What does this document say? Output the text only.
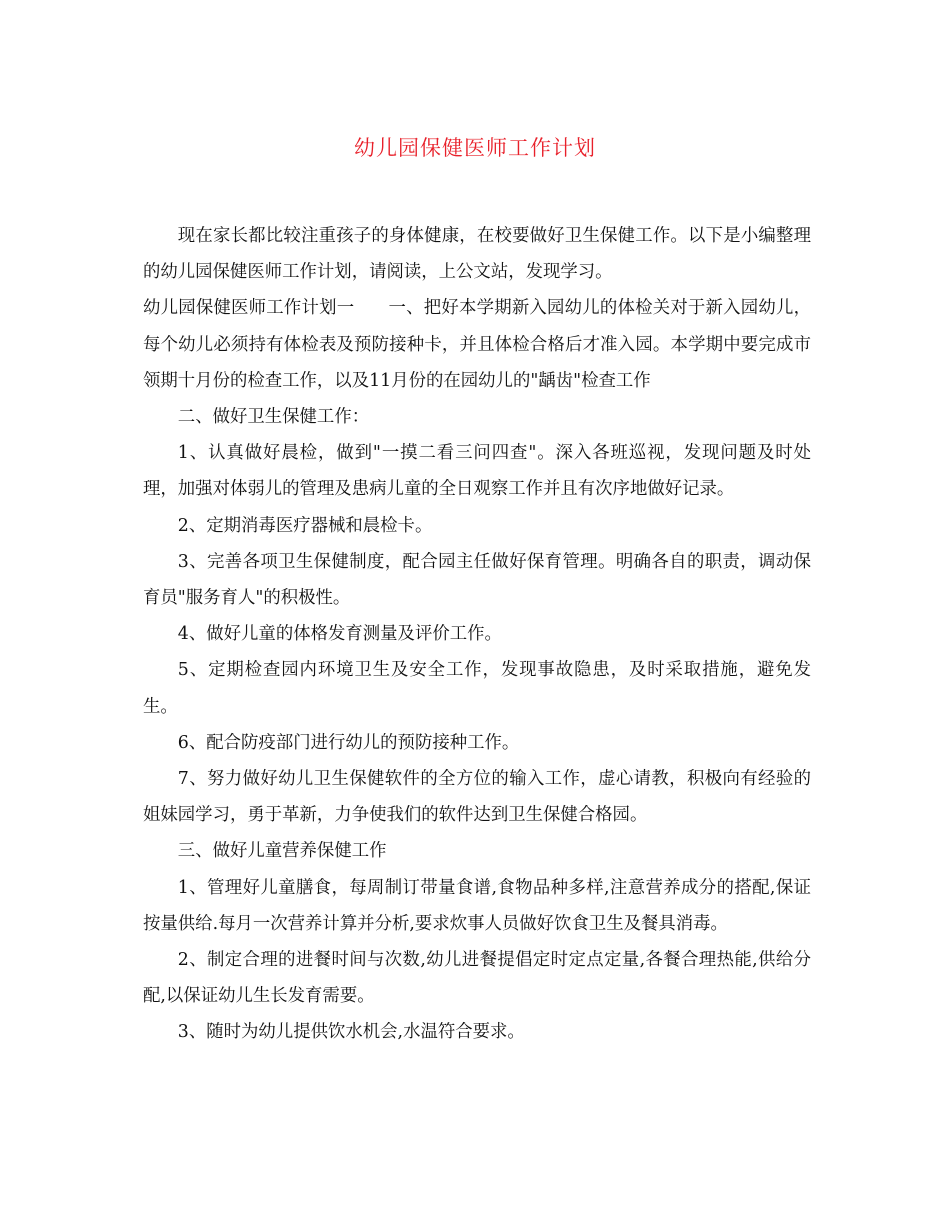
幼儿园保健医师工作计划

现在家长都比较注重孩子的身体健康，在校要做好卫生保健工作。以下是小编整理的幼儿园保健医师工作计划，请阅读，上公文站，发现学习。

幼儿园保健医师工作计划一 一、把好本学期新入园幼儿的体检关对于新入园幼儿，每个幼儿必须持有体检表及预防接种卡，并且体检合格后才准入园。本学期中要完成市领期十月份的检查工作，以及11月份的在园幼儿的"龋齿"检查工作

二、做好卫生保健工作：

1、认真做好晨检，做到"一摸二看三问四查"。深入各班巡视，发现问题及时处理，加强对体弱儿的管理及患病儿童的全日观察工作并且有次序地做好记录。

2、定期消毒医疗器械和晨检卡。

3、完善各项卫生保健制度，配合园主任做好保育管理。明确各自的职责，调动保育员"服务育人"的积极性。

4、做好儿童的体格发育测量及评价工作。

5、定期检查园内环境卫生及安全工作，发现事故隐患，及时采取措施，避免发生。

6、配合防疫部门进行幼儿的预防接种工作。

7、努力做好幼儿卫生保健软件的全方位的输入工作，虚心请教，积极向有经验的姐妹园学习，勇于革新，力争使我们的软件达到卫生保健合格园。

三、做好儿童营养保健工作

1、管理好儿童膳食，每周制订带量食谱,食物品种多样,注意营养成分的搭配,保证按量供给.每月一次营养计算并分析,要求炊事人员做好饮食卫生及餐具消毒。

2、制定合理的进餐时间与次数,幼儿进餐提倡定时定点定量,各餐合理热能,供给分配,以保证幼儿生长发育需要。

3、随时为幼儿提供饮水机会,水温符合要求。
